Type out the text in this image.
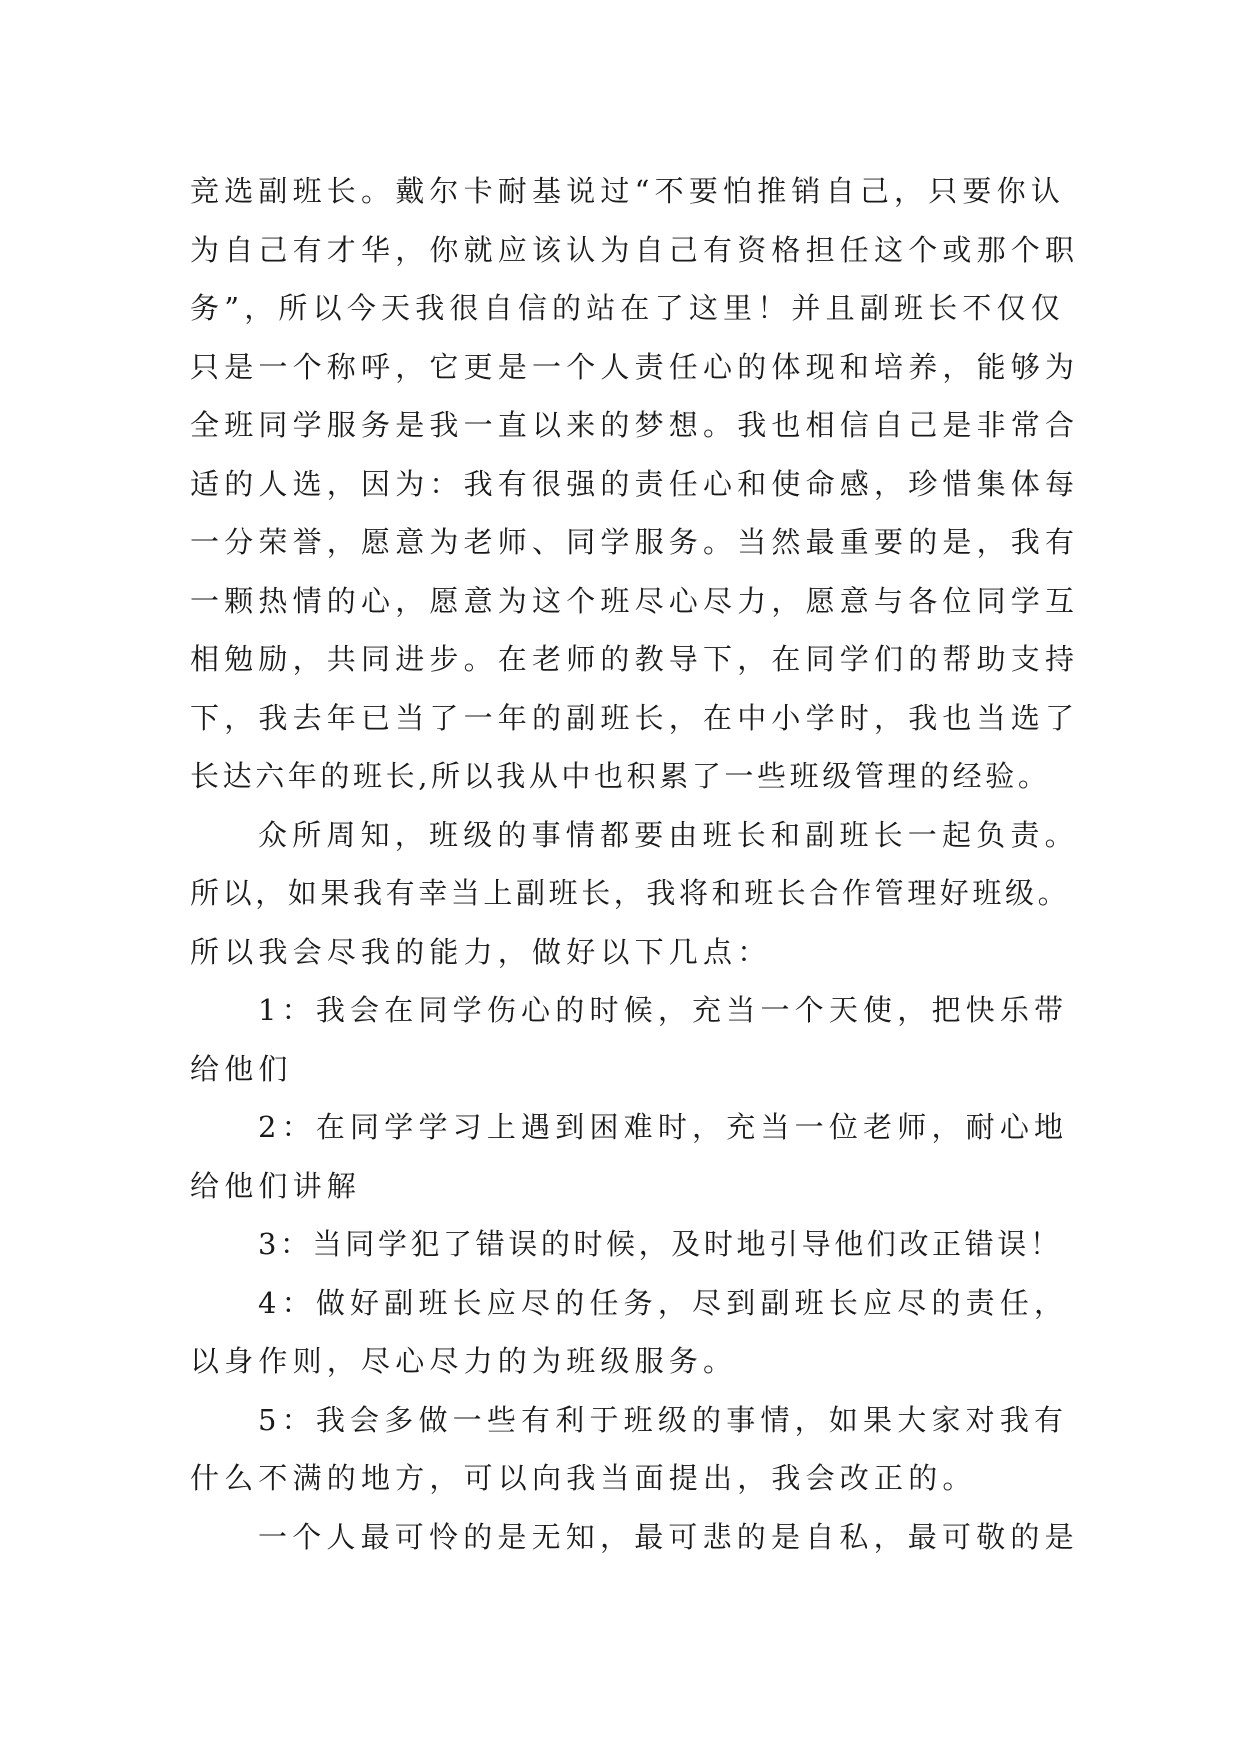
竞选副班长。戴尔卡耐基说过“不要怕推销自己，只要你认
为自己有才华，你就应该认为自己有资格担任这个或那个职
务”，所以今天我很自信的站在了这里！并且副班长不仅仅
只是一个称呼，它更是一个人责任心的体现和培养，能够为
全班同学服务是我一直以来的梦想。我也相信自己是非常合
适的人选，因为：我有很强的责任心和使命感，珍惜集体每
一分荣誉，愿意为老师、同学服务。当然最重要的是，我有
一颗热情的心，愿意为这个班尽心尽力，愿意与各位同学互
相勉励，共同进步。在老师的教导下，在同学们的帮助支持
下，我去年已当了一年的副班长，在中小学时，我也当选了
长达六年的班长,所以我从中也积累了一些班级管理的经验。
众所周知，班级的事情都要由班长和副班长一起负责。
所以，如果我有幸当上副班长，我将和班长合作管理好班级。
所以我会尽我的能力，做好以下几点：
1：我会在同学伤心的时候，充当一个天使，把快乐带
给他们
2：在同学学习上遇到困难时，充当一位老师，耐心地
给他们讲解
3：当同学犯了错误的时候，及时地引导他们改正错误！
4：做好副班长应尽的任务，尽到副班长应尽的责任，
以身作则，尽心尽力的为班级服务。
5：我会多做一些有利于班级的事情，如果大家对我有
什么不满的地方，可以向我当面提出，我会改正的。
一个人最可怜的是无知，最可悲的是自私，最可敬的是
